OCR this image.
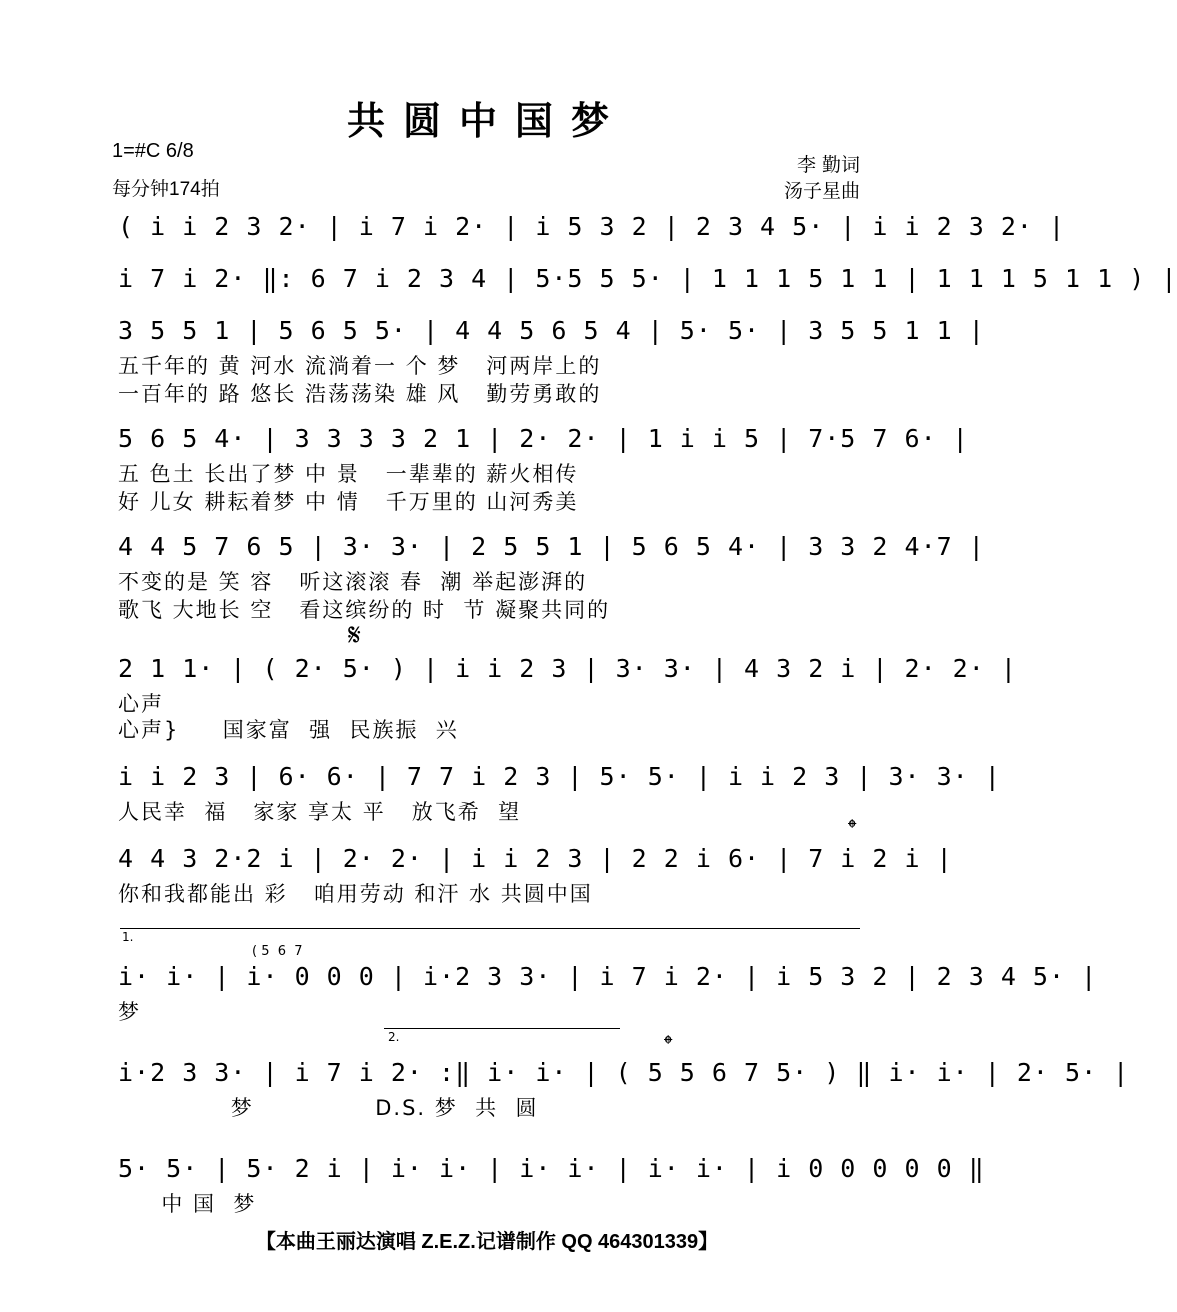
共圆中国梦
1=#C 6/8
每分钟174拍
李 勤词
汤子星曲
𝄋
( i i 2 3 2· | i 7 i 2· | i 5 3 2 | 2 3 4 5· | i i 2 3 2· |
i 7 i 2· ‖: 6 7 i 2 3 4 | 5·5 5 5· | 1 1 1 5 1 1 | 1 1 1 5 1 1 ) |
3 5 5 1 | 5 6 5 5· | 4 4 5 6 5 4 | 5· 5· | 3 5 5 1 1 |
五千年的 黄 河水 流淌着一 个 梦   河两岸上的
一百年的 路 悠长 浩荡荡染 雄 风   勤劳勇敢的
5 6 5 4· | 3 3 3 3 2 1 | 2· 2· | 1 i i 5 | 7·5 7 6· |
五 色土 长出了梦 中 景   一辈辈的 薪火相传
好 儿女 耕耘着梦 中 情   千万里的 山河秀美
4 4 5 7 6 5 | 3· 3· | 2 5 5 1 | 5 6 5 4· | 3 3 2 4·7 |
不变的是 笑 容   听这滚滚 春  潮 举起澎湃的
歌飞 大地长 空   看这缤纷的 时  节 凝聚共同的
2 1 1· | ( 2· 5· ) | i i 2 3 | 3· 3· | 4 3 2 i | 2· 2· |
心声
心声}     国家富  强  民族振  兴
i i 2 3 | 6· 6· | 7 7 i 2 3 | 5· 5· | i i 2 3 | 3· 3· |
人民幸  福   家家 享太 平   放飞希  望
𝄌
4 4 3 2·2 i | 2· 2· | i i 2 3 | 2 2 i 6· | 7 i 2 i |
你和我都能出 彩   咱用劳动 和汗 水 共圆中国
1.
( 5  6  7
i· i· | i· 0 0 0 | i·2 3 3· | i 7 i 2· | i 5 3 2 | 2 3 4 5· |
梦
2.	𝄌
i·2 3 3· | i 7 i 2· :‖ i· i· | ( 5 5 6 7 5· ) ‖ i· i· | 2· 5· |
梦              D.S. 梦  共  圆
5· 5· | 5· 2 i | i· i· | i· i· | i· i· | i 0 0 0 0 0 ‖
中 国  梦
【本曲王丽达演唱 Z.E.Z.记谱制作 QQ 464301339】
